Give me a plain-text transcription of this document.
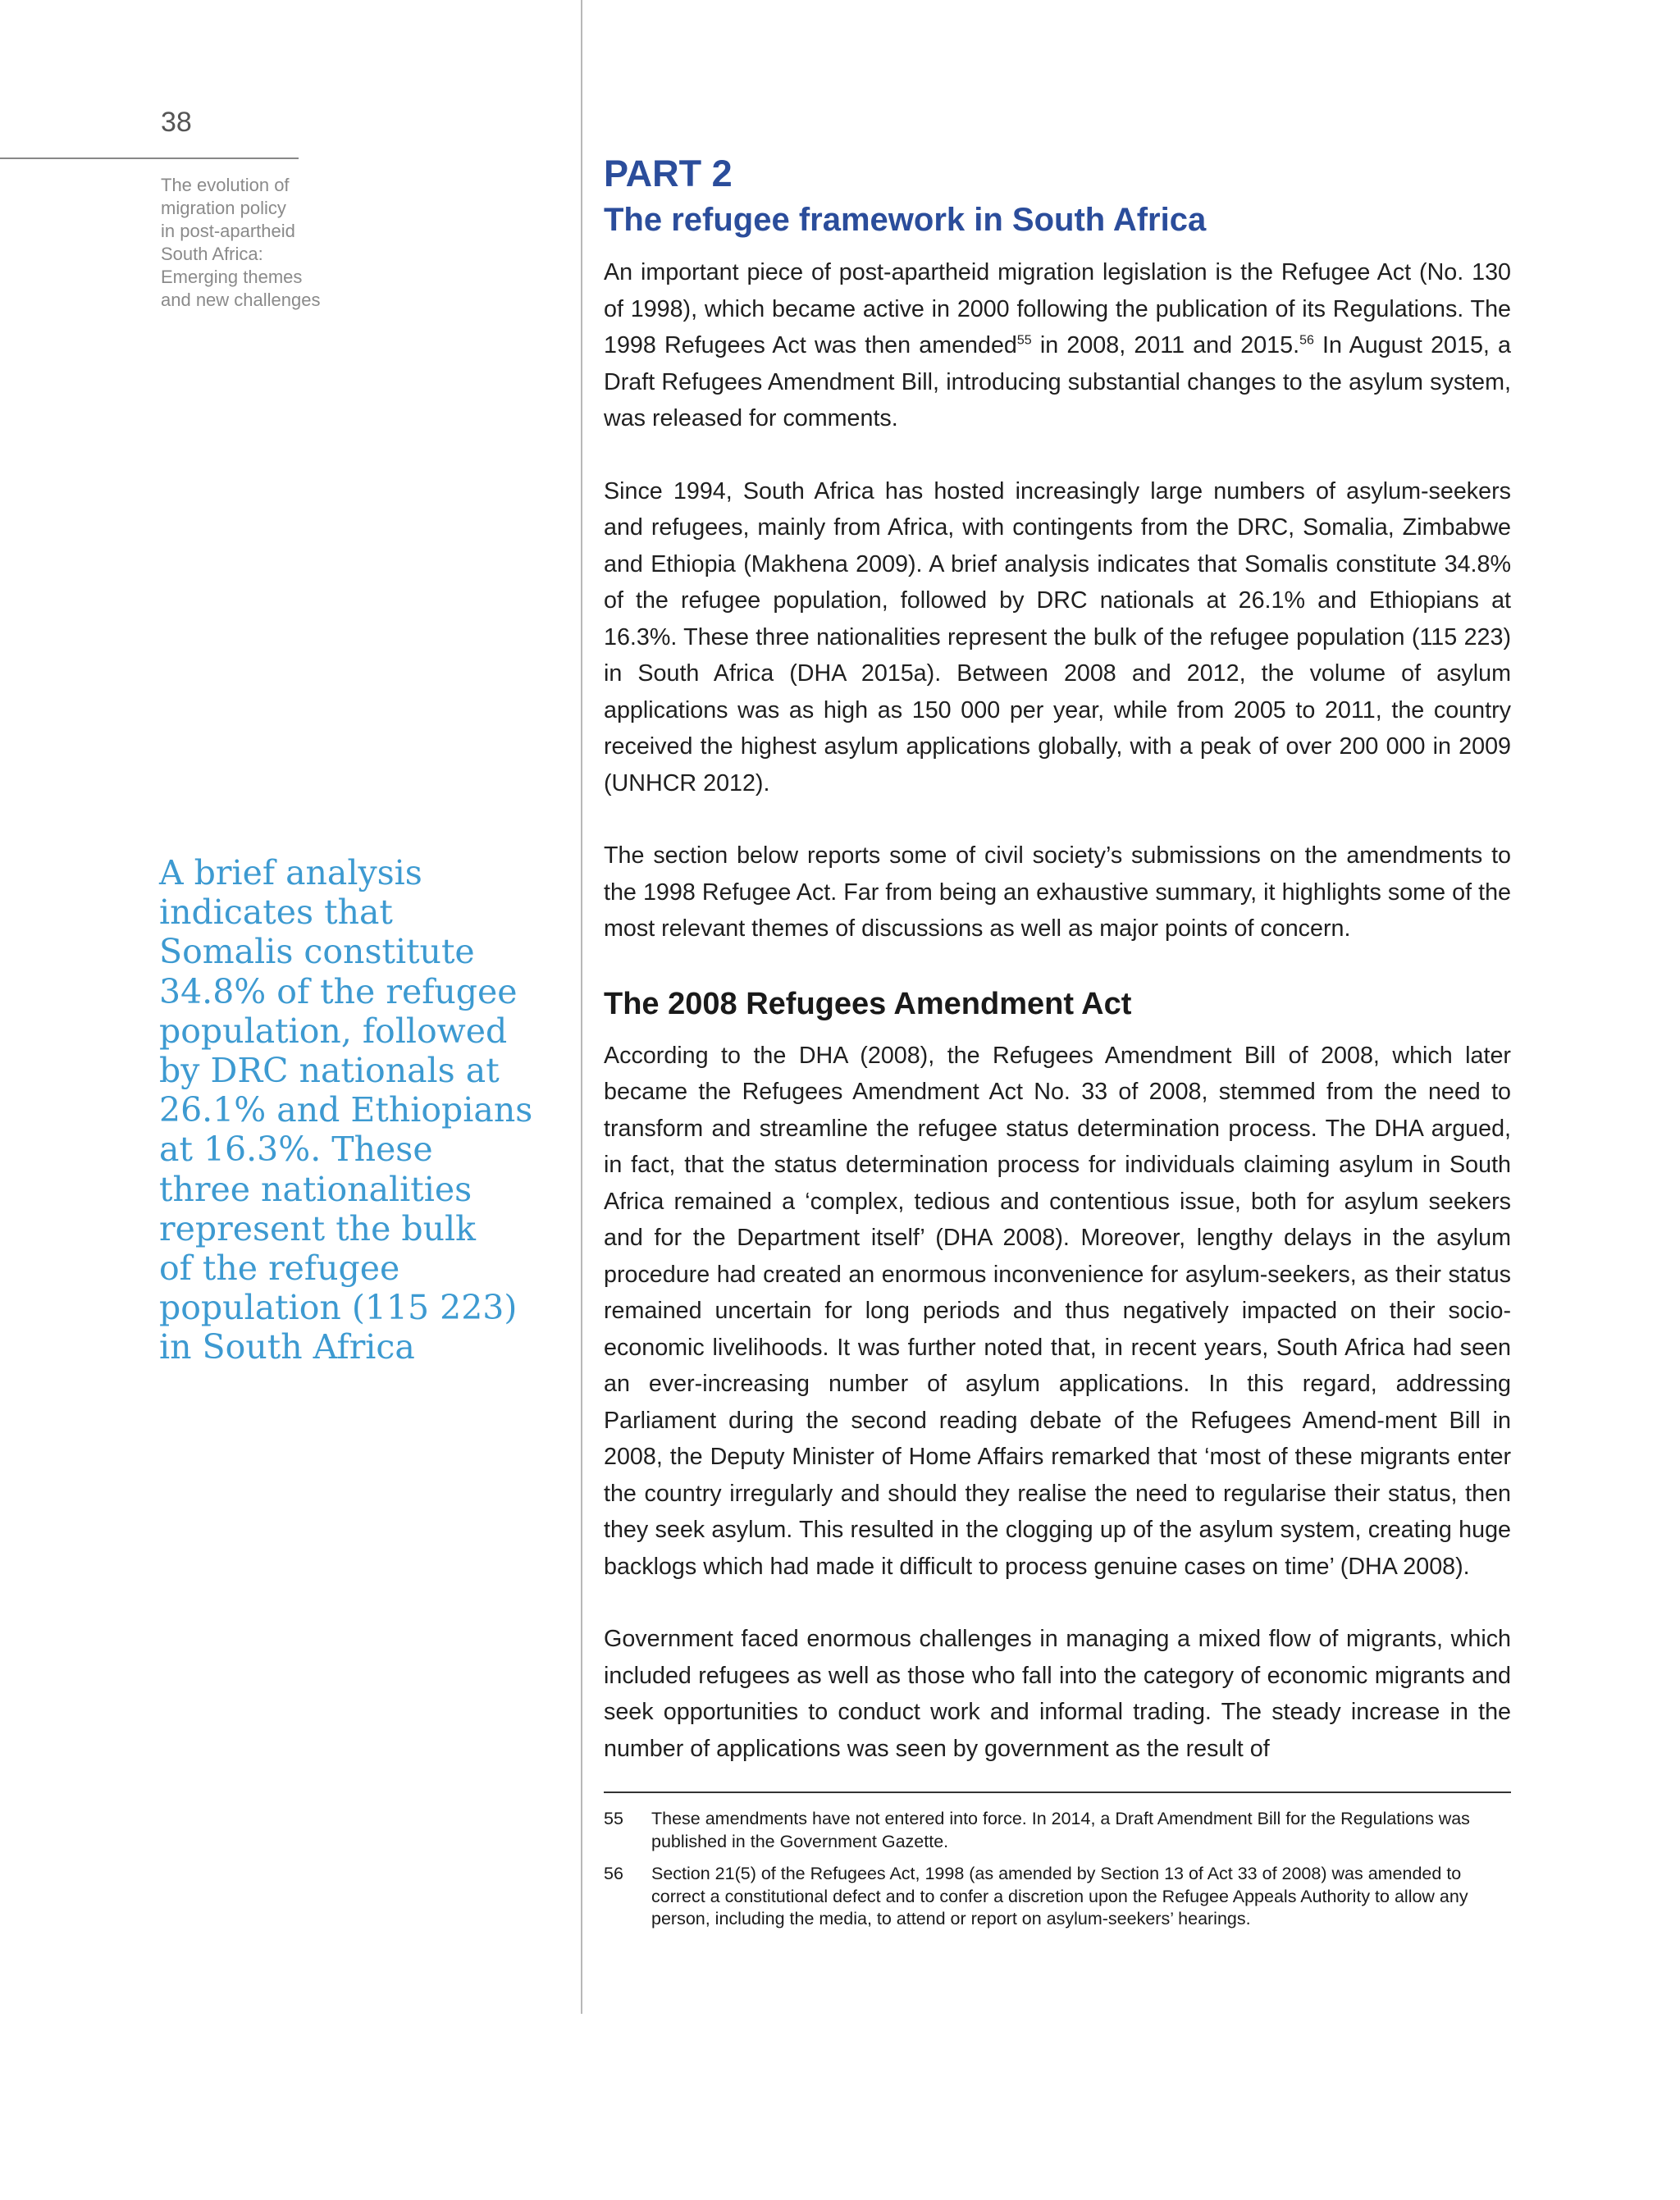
38
The evolution of
migration policy
in post-apartheid
South Africa:
Emerging themes
and new challenges
A brief analysis
indicates that
Somalis constitute
34.8% of the refugee
population, followed
by DRC nationals at
26.1% and Ethiopians
at 16.3%. These
three nationalities
represent the bulk
of the refugee
population (115 223)
in South Africa
PART 2
The refugee framework in South Africa

An important piece of post-apartheid migration legislation is the Refugee Act (No. 130 of 1998), which became active in 2000 following the publication of its Regulations. The 1998 Refugees Act was then amended$^{55}$ in 2008, 2011 and 2015.56 In August 2015, a Draft Refugees Amendment Bill, introducing substantial changes to the asylum system, was released for comments.

Since 1994, South Africa has hosted increasingly large numbers of asylum-seekers and refugees, mainly from Africa, with contingents from the DRC, Somalia, Zimbabwe and Ethiopia (Makhena 2009). A brief analysis indicates that Somalis constitute 34.8% of the refugee population, followed by DRC nationals at 26.1% and Ethiopians at 16.3%. These three nationalities represent the bulk of the refugee population (115 223) in South Africa (DHA 2015a). Between 2008 and 2012, the volume of asylum applications was as high as 150 000 per year, while from 2005 to 2011, the country received the highest asylum applications globally, with a peak of over 200 000 in 2009 (UNHCR 2012).

The section below reports some of civil society’s submissions on the amendments to the 1998 Refugee Act. Far from being an exhaustive summary, it highlights some of the most relevant themes of discussions as well as major points of concern.

The 2008 Refugees Amendment Act

According to the DHA (2008), the Refugees Amendment Bill of 2008, which later became the Refugees Amendment Act No. 33 of 2008, stemmed from the need to transform and streamline the refugee status determination process. The DHA argued, in fact, that the status determination process for individuals claiming asylum in South Africa remained a ‘complex, tedious and contentious issue, both for asylum seekers and for the Department itself’ (DHA 2008). Moreover, lengthy delays in the asylum procedure had created an enormous inconvenience for asylum-seekers, as their status remained uncertain for long periods and thus negatively impacted on their socio-economic livelihoods. It was further noted that, in recent years, South Africa had seen an ever-increasing number of asylum applications. In this regard, addressing Parliament during the second reading debate of the Refugees Amend-ment Bill in 2008, the Deputy Minister of Home Affairs remarked that ‘most of these migrants enter the country irregularly and should they realise the need to regularise their status, then they seek asylum. This resulted in the clogging up of the asylum system, creating huge backlogs which had made it difficult to process genuine cases on time’ (DHA 2008).

Government faced enormous challenges in managing a mixed flow of migrants, which included refugees as well as those who fall into the category of economic migrants and seek opportunities to conduct work and informal trading. The steady increase in the number of applications was seen by government as the result of

55	These amendments have not entered into force. In 2014, a Draft Amendment Bill for the Regulations was published in the Government Gazette.
56	Section 21(5) of the Refugees Act, 1998 (as amended by Section 13 of Act 33 of 2008) was amended to correct a constitutional defect and to confer a discretion upon the Refugee Appeals Authority to allow any person, including the media, to attend or report on asylum-seekers’ hearings.
